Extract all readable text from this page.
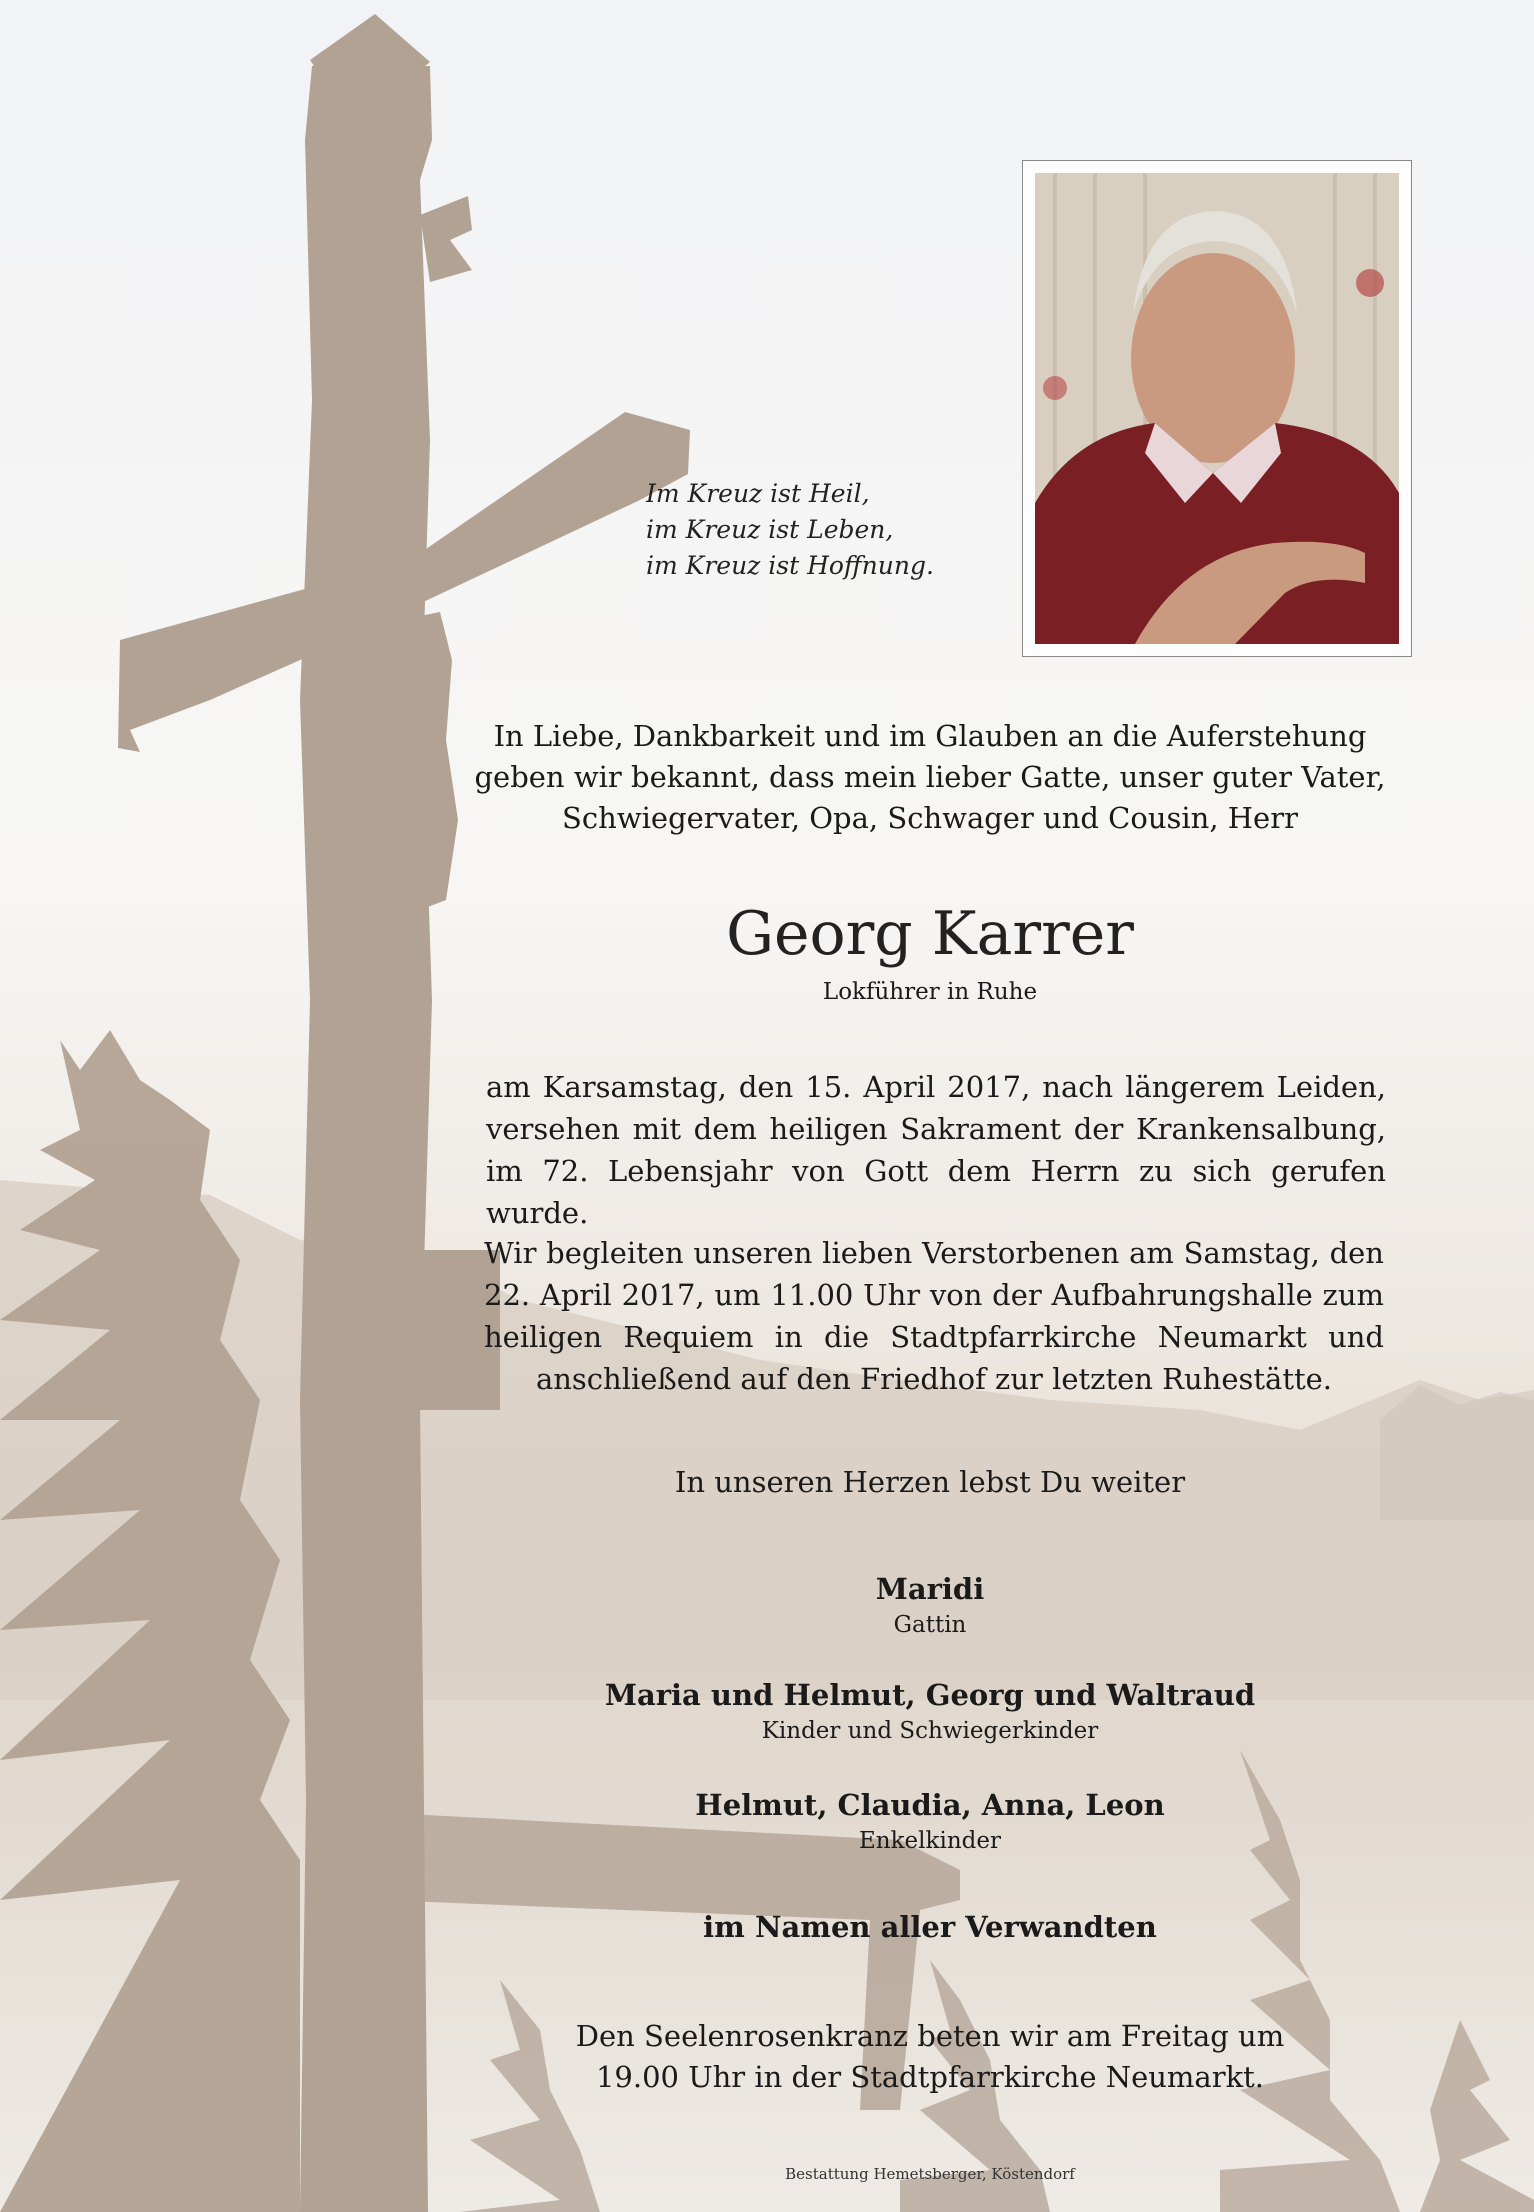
Im Kreuz ist Heil,
im Kreuz ist Leben,
im Kreuz ist Hoffnung.
In Liebe, Dankbarkeit und im Glauben an die Auferstehung
geben wir bekannt, dass mein lieber Gatte, unser guter Vater,
Schwiegervater, Opa, Schwager und Cousin, Herr
Georg Karrer
Lokführer in Ruhe
am Karsamstag, den 15. April 2017, nach längerem Leiden,
versehen mit dem heiligen Sakrament der Krankensalbung,
im 72. Lebensjahr von Gott dem Herrn zu sich gerufen wurde.
Wir begleiten unseren lieben Verstorbenen am Samstag, den
22. April 2017, um 11.00 Uhr von der Aufbahrungshalle zum
heiligen Requiem in die Stadtpfarrkirche Neumarkt und
anschließend auf den Friedhof zur letzten Ruhestätte.
In unseren Herzen lebst Du weiter
Maridi
Gattin
Maria und Helmut, Georg und Waltraud
Kinder und Schwiegerkinder
Helmut, Claudia, Anna, Leon
Enkelkinder
im Namen aller Verwandten
Den Seelenrosenkranz beten wir am Freitag um
19.00 Uhr in der Stadtpfarrkirche Neumarkt.
Bestattung Hemetsberger, Köstendorf
